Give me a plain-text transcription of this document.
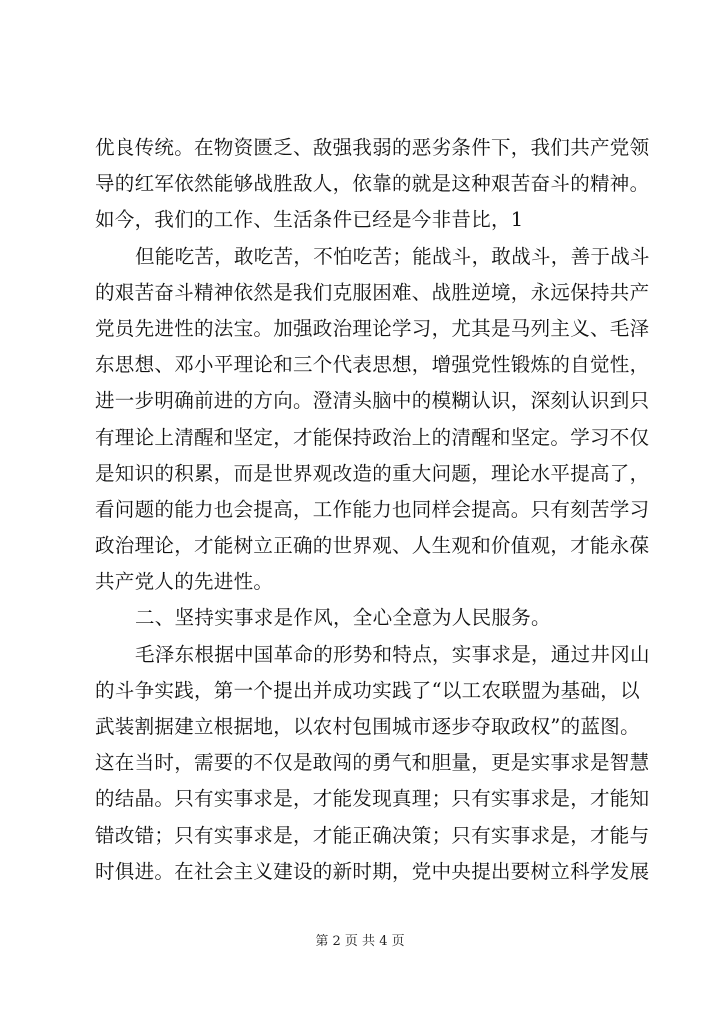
优良传统。在物资匮乏、敌强我弱的恶劣条件下，我们共产党领
导的红军依然能够战胜敌人，依靠的就是这种艰苦奋斗的精神。
如今，我们的工作、生活条件已经是今非昔比，1
但能吃苦，敢吃苦，不怕吃苦；能战斗，敢战斗，善于战斗
的艰苦奋斗精神依然是我们克服困难、战胜逆境，永远保持共产
党员先进性的法宝。加强政治理论学习，尤其是马列主义、毛泽
东思想、邓小平理论和三个代表思想，增强党性锻炼的自觉性，
进一步明确前进的方向。澄清头脑中的模糊认识，深刻认识到只
有理论上清醒和坚定，才能保持政治上的清醒和坚定。学习不仅
是知识的积累，而是世界观改造的重大问题，理论水平提高了，
看问题的能力也会提高，工作能力也同样会提高。只有刻苦学习
政治理论，才能树立正确的世界观、人生观和价值观，才能永葆
共产党人的先进性。
二、坚持实事求是作风，全心全意为人民服务。
毛泽东根据中国革命的形势和特点，实事求是，通过井冈山
的斗争实践，第一个提出并成功实践了“以工农联盟为基础，以
武装割据建立根据地，以农村包围城市逐步夺取政权”的蓝图。
这在当时，需要的不仅是敢闯的勇气和胆量，更是实事求是智慧
的结晶。只有实事求是，才能发现真理；只有实事求是，才能知
错改错；只有实事求是，才能正确决策；只有实事求是，才能与
时俱进。在社会主义建设的新时期，党中央提出要树立科学发展
第 2 页 共 4 页
